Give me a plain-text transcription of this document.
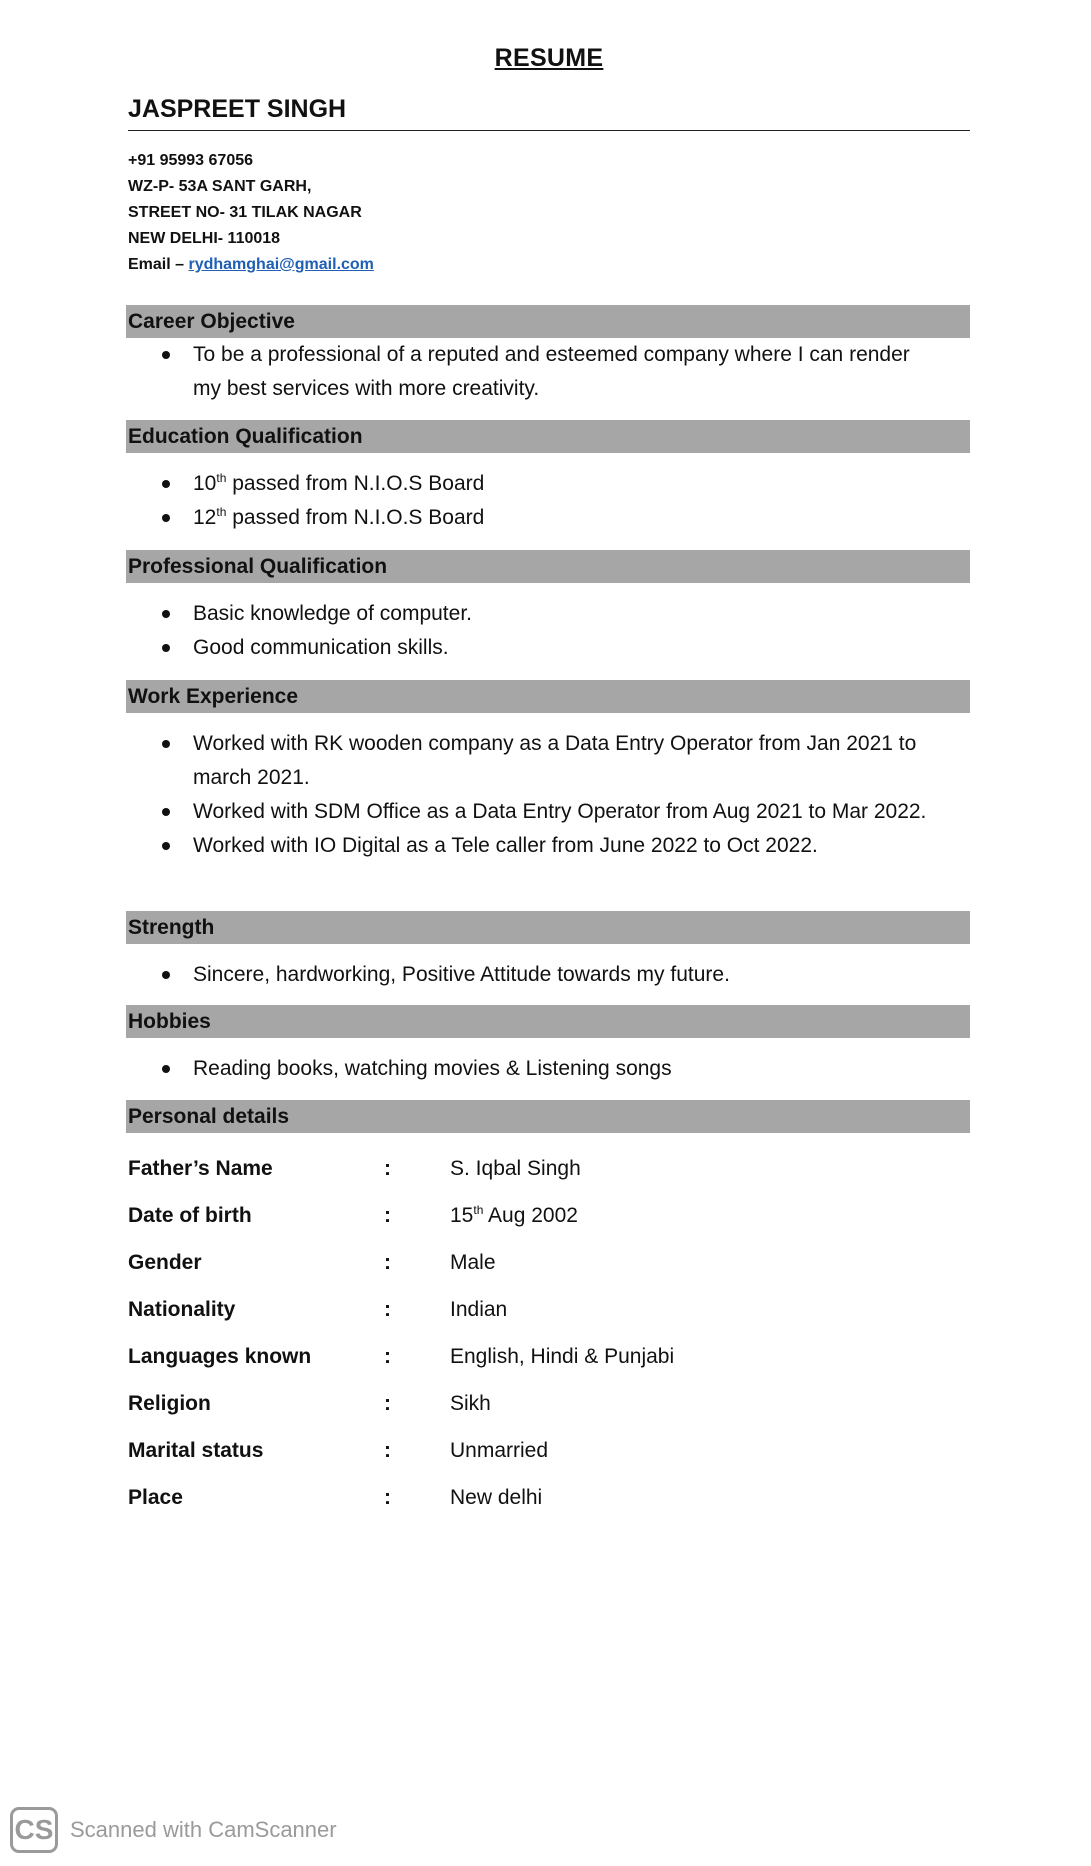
RESUME
JASPREET SINGH
+91 95993 67056
WZ-P- 53A SANT GARH,
STREET NO- 31 TILAK NAGAR
NEW DELHI- 110018
Email – rydhamghai@gmail.com
Career Objective
To be a professional of a reputed and esteemed company where I can render my best services with more creativity.
Education Qualification
10th passed from N.I.O.S Board
12th passed from N.I.O.S Board
Professional Qualification
Basic knowledge of computer.
Good communication skills.
Work Experience
Worked with RK wooden company as a Data Entry Operator from Jan 2021 to march 2021.
Worked with SDM Office as a Data Entry Operator from Aug 2021 to Mar 2022.
Worked with IO Digital as a Tele caller from June 2022 to Oct 2022.
Strength
Sincere, hardworking, Positive Attitude towards my future.
Hobbies
Reading books, watching movies & Listening songs
Personal details
Father’s Name	:	S. Iqbal Singh
Date of birth	:	15th Aug 2002
Gender	:	Male
Nationality	:	Indian
Languages known	:	English, Hindi & Punjabi
Religion	:	Sikh
Marital status	:	Unmarried
Place	:	New delhi
CS Scanned with CamScanner
